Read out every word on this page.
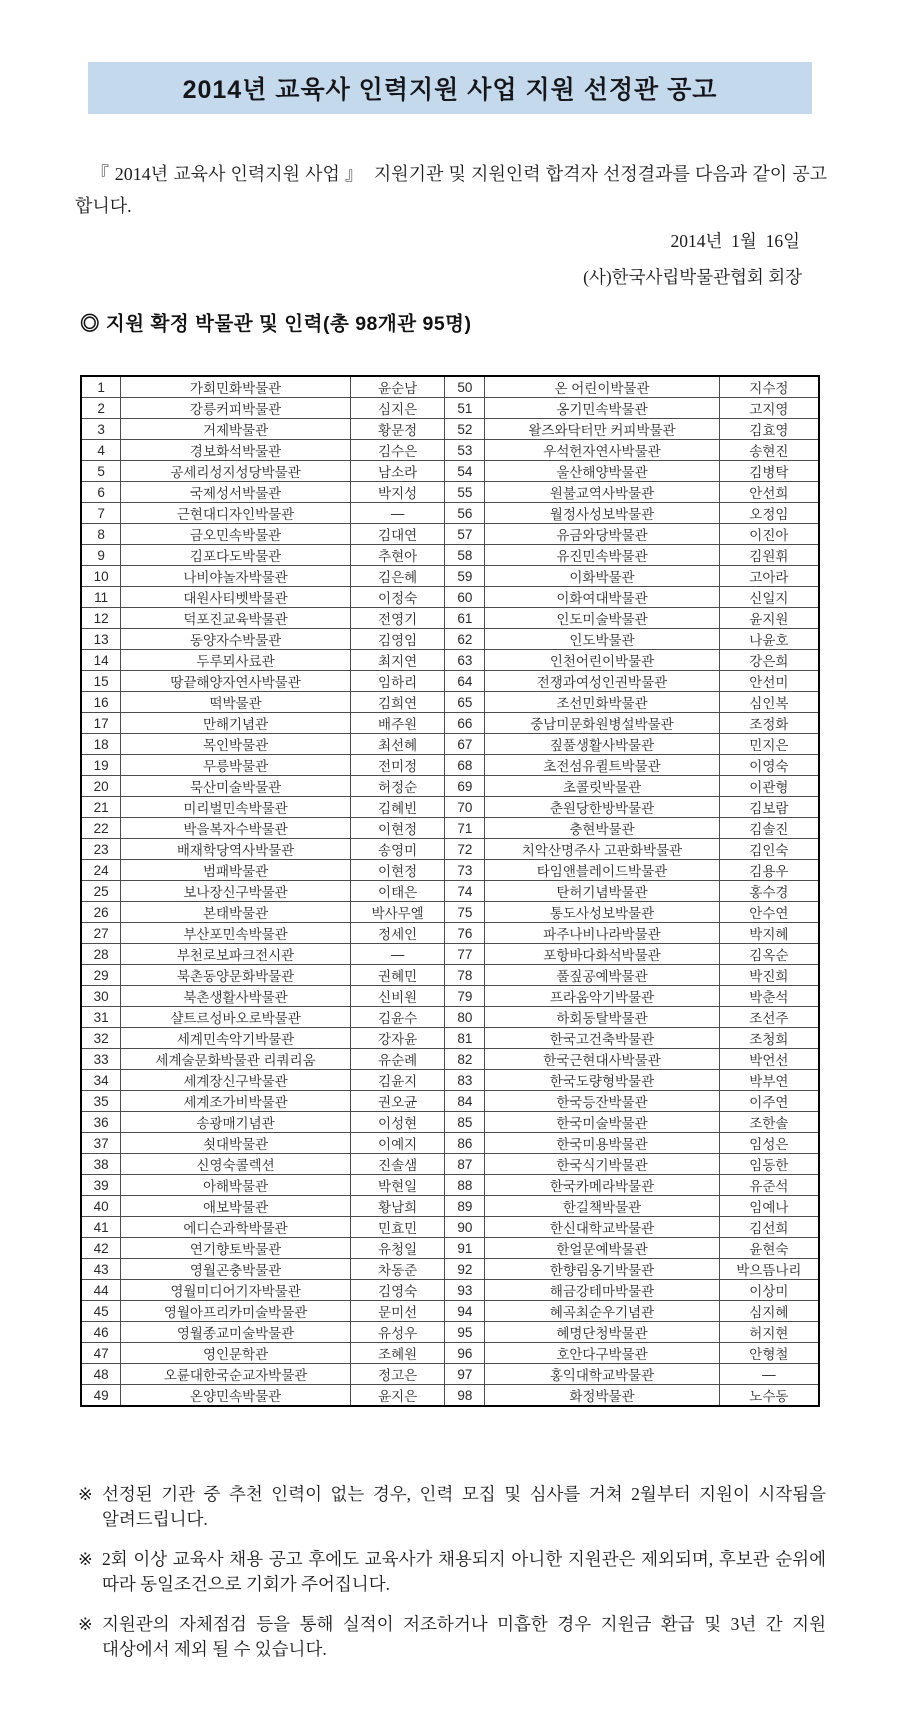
2014년 교육사 인력지원 사업 지원 선정관 공고

『 2014년 교육사 인력지원 사업 』  지원기관 및 지원인력 합격자 선정결과를 다음과 같이 공고합니다.

2014년  1월  16일
(사)한국사립박물관협회 회장
◎ 지원 확정 박물관 및 인력(총 98개관 95명)
1	가회민화박물관	윤순남	50	온 어린이박물관	지수정
2	강릉커피박물관	심지은	51	옹기민속박물관	고지영
3	거제박물관	황문정	52	왈즈와닥터만 커피박물관	김효영
4	경보화석박물관	김수은	53	우석헌자연사박물관	송현진
5	공세리성지성당박물관	남소라	54	울산해양박물관	김병탁
6	국제성서박물관	박지성	55	원불교역사박물관	안선희
7	근현대디자인박물관	—	56	월정사성보박물관	오정임
8	금오민속박물관	김대연	57	유금와당박물관	이진아
9	김포다도박물관	추현아	58	유진민속박물관	김원휘
10	나비야놀자박물관	김은혜	59	이화박물관	고아라
11	대원사티벳박물관	이정숙	60	이화여대박물관	신일지
12	덕포진교육박물관	전영기	61	인도미술박물관	윤지원
13	동양자수박물관	김영임	62	인도박물관	나윤호
14	두루뫼사료관	최지연	63	인천어린이박물관	강은희
15	땅끝해양자연사박물관	임하리	64	전쟁과여성인권박물관	안선미
16	떡박물관	김희연	65	조선민화박물관	심인복
17	만해기념관	배주원	66	중남미문화원병설박물관	조정화
18	목인박물관	최선혜	67	짚풀생활사박물관	민지은
19	무릉박물관	전미정	68	초전섬유퀼트박물관	이영숙
20	묵산미술박물관	허정순	69	초콜릿박물관	이관형
21	미리벌민속박물관	김혜빈	70	춘원당한방박물관	김보람
22	박을복자수박물관	이현정	71	충현박물관	김솔진
23	배재학당역사박물관	송영미	72	치악산명주사 고판화박물관	김인숙
24	범패박물관	이현정	73	타임앤블레이드박물관	김용우
25	보나장신구박물관	이태은	74	탄허기념박물관	홍수경
26	본태박물관	박사무엘	75	통도사성보박물관	안수연
27	부산포민속박물관	정세인	76	파주나비나라박물관	박지혜
28	부천로보파크전시관	—	77	포항바다화석박물관	김옥순
29	북촌동양문화박물관	권혜민	78	풀짚공예박물관	박진희
30	북촌생활사박물관	신비원	79	프라움악기박물관	박춘석
31	샬트르성바오로박물관	김윤수	80	하회동탈박물관	조선주
32	세계민속악기박물관	강자윤	81	한국고건축박물관	조청희
33	세계술문화박물관 리쿼리움	유순례	82	한국근현대사박물관	박언선
34	세계장신구박물관	김윤지	83	한국도량형박물관	박부연
35	세계조가비박물관	권오균	84	한국등잔박물관	이주연
36	송광매기념관	이성현	85	한국미술박물관	조한솔
37	쇳대박물관	이예지	86	한국미용박물관	임성은
38	신영숙콜렉션	진솔샘	87	한국식기박물관	임동한
39	아해박물관	박현일	88	한국카메라박물관	유준석
40	애보박물관	황남희	89	한길책박물관	임예나
41	에디슨과학박물관	민효민	90	한신대학교박물관	김선희
42	연기향토박물관	유청일	91	한얼문예박물관	윤현숙
43	영월곤충박물관	차동준	92	한향림옹기박물관	박으뜸나리
44	영월미디어기자박물관	김영숙	93	해금강테마박물관	이상미
45	영월아프리카미술박물관	문미선	94	혜곡최순우기념관	심지혜
46	영월종교미술박물관	유성우	95	혜명단청박물관	허지현
47	영인문학관	조혜원	96	호안다구박물관	안형철
48	오륜대한국순교자박물관	정고은	97	홍익대학교박물관	—
49	온양민속박물관	윤지은	98	화정박물관	노수동
※ 선정된 기관 중 추천 인력이 없는 경우, 인력 모집 및 심사를 거쳐 2월부터 지원이 시작됨을 알려드립니다.
※ 2회 이상 교육사 채용 공고 후에도 교육사가 채용되지 아니한 지원관은 제외되며, 후보관 순위에 따라 동일조건으로 기회가 주어집니다.
※ 지원관의 자체점검 등을 통해 실적이 저조하거나 미흡한 경우 지원금 환급 및 3년 간 지원 대상에서 제외 될 수 있습니다.
